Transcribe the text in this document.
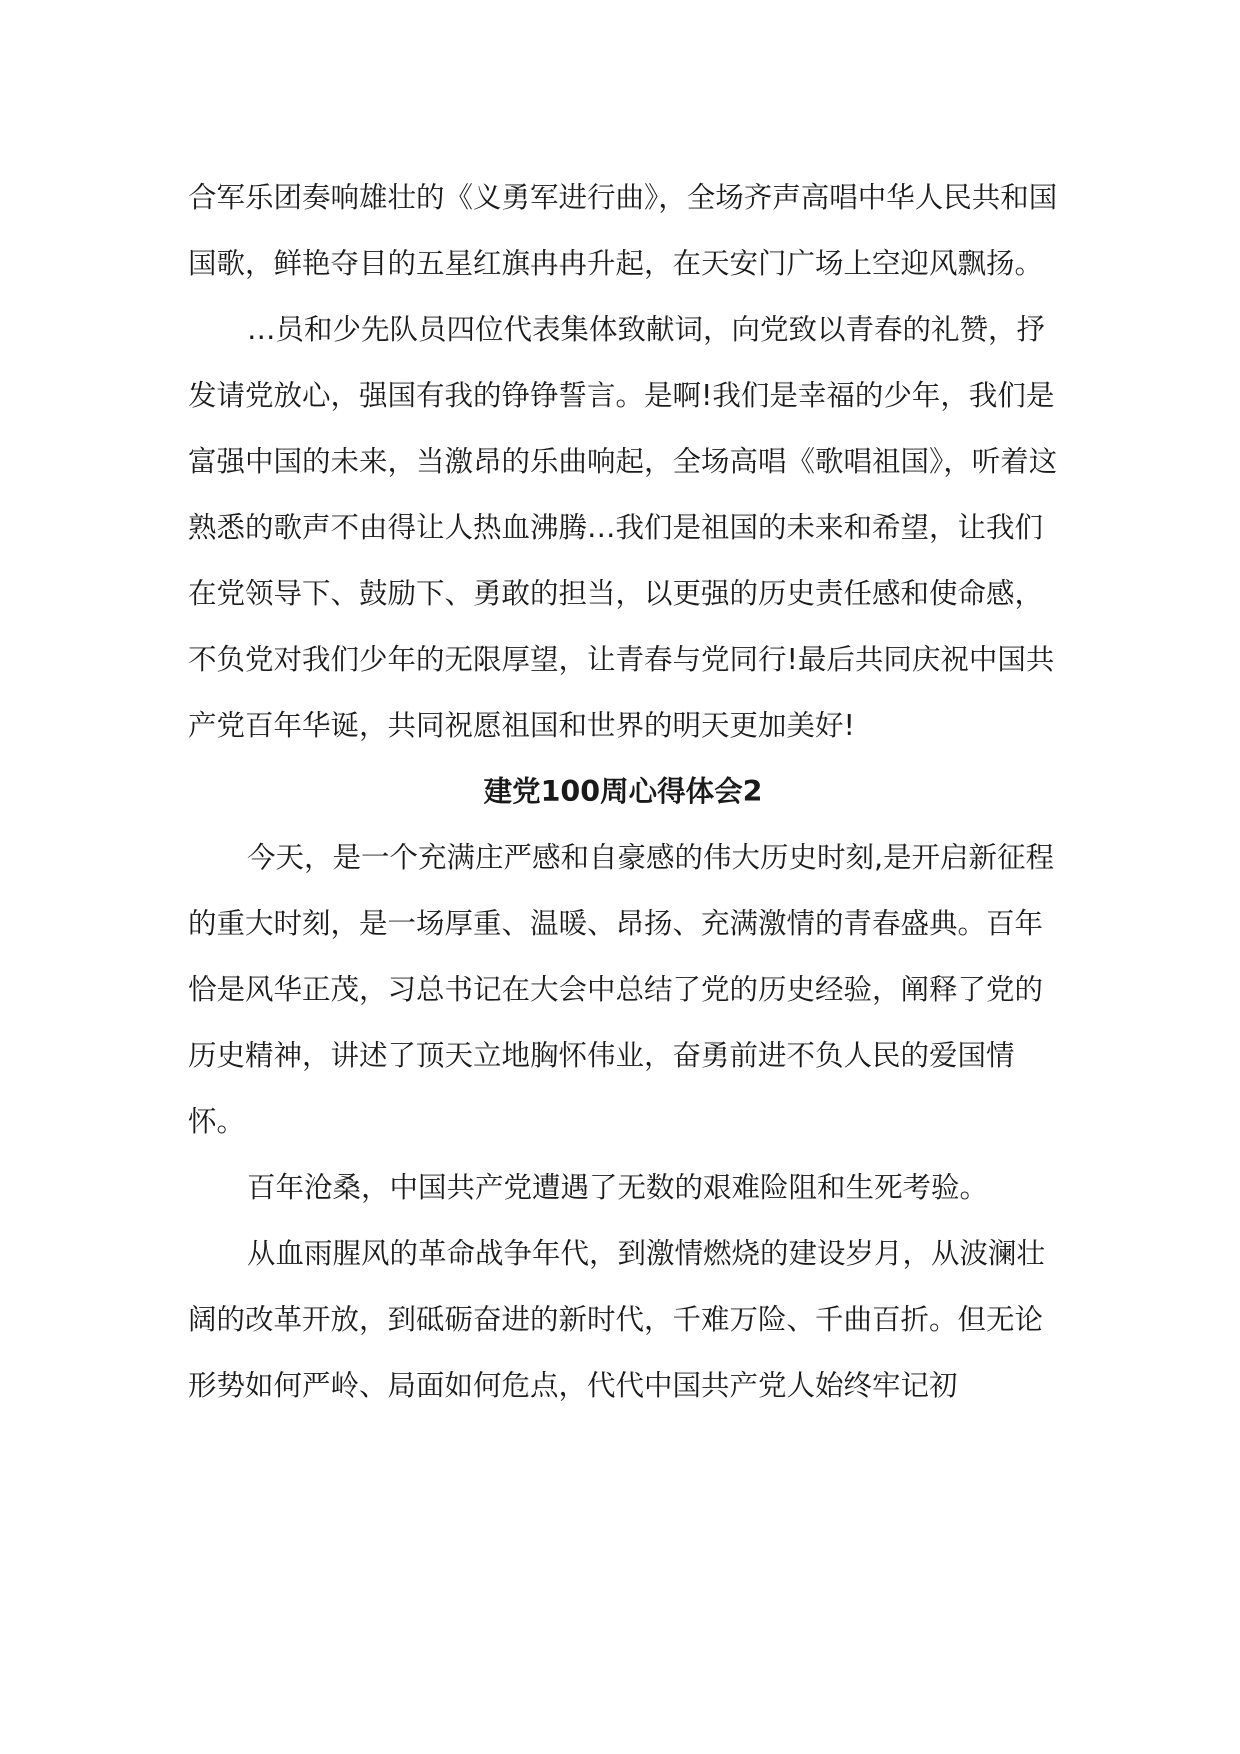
合军乐团奏响雄壮的《义勇军进行曲》，全场齐声高唱中华人民共和国国歌，鲜艳夺目的五星红旗冉冉升起，在天安门广场上空迎风飘扬。

…员和少先队员四位代表集体致献词，向党致以青春的礼赞，抒发请党放心，强国有我的铮铮誓言。是啊!我们是幸福的少年，我们是富强中国的未来，当激昂的乐曲响起，全场高唱《歌唱祖国》，听着这熟悉的歌声不由得让人热血沸腾…我们是祖国的未来和希望，让我们在党领导下、鼓励下、勇敢的担当，以更强的历史责任感和使命感，不负党对我们少年的无限厚望，让青春与党同行!最后共同庆祝中国共产党百年华诞，共同祝愿祖国和世界的明天更加美好!

建党100周心得体会2

今天，是一个充满庄严感和自豪感的伟大历史时刻,是开启新征程的重大时刻，是一场厚重、温暖、昂扬、充满激情的青春盛典。百年恰是风华正茂，习总书记在大会中总结了党的历史经验，阐释了党的历史精神，讲述了顶天立地胸怀伟业，奋勇前进不负人民的爱国情怀。

百年沧桑，中国共产党遭遇了无数的艰难险阻和生死考验。

从血雨腥风的革命战争年代，到激情燃烧的建设岁月，从波澜壮阔的改革开放，到砥砺奋进的新时代，千难万险、千曲百折。但无论形势如何严岭、局面如何危点，代代中国共产党人始终牢记初
